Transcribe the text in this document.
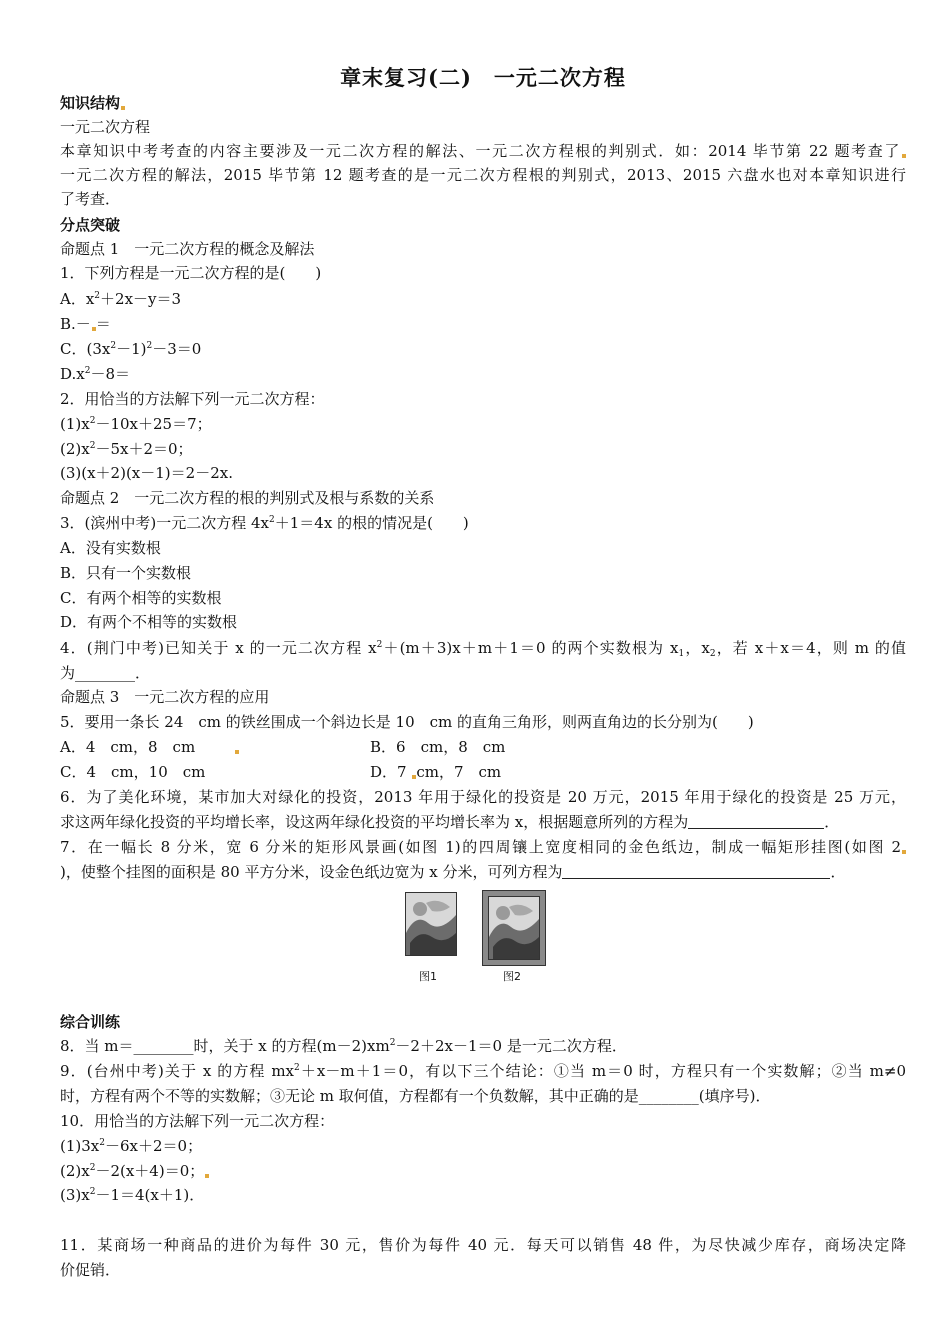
章末复习(二)　一元二次方程
知识结构
一元二次方程
本章知识中考考查的内容主要涉及一元二次方程的解法、一元二次方程根的判别式．如：2014 毕节第 22 题考查了
一元二次方程的解法，2015 毕节第 12 题考查的是一元二次方程根的判别式，2013、2015 六盘水也对本章知识进行
了考查．
分点突破
命题点 1　一元二次方程的概念及解法
1．下列方程是一元二次方程的是(　　)
A．$x^2+2x-y=3$
B.－ ＝
C．$(3x^2-1)^2-3=0$
$D.x^2-8=$
2．用恰当的方法解下列一元二次方程：
$(1)x^2-10x+25=7$；
$(2)x^2-5x+2=0$；
(3)(x＋2)(x－1)＝2－2x.
命题点 2　一元二次方程的根的判别式及根与系数的关系
3．(滨州中考)一元二次方程 $4x^2+1=4x$ 的根的情况是(　　)
A．没有实数根
B．只有一个实数根
C．有两个相等的实数根
D．有两个不相等的实数根
4．(荆门中考)已知关于 x 的一元二次方程 $x^2+(m+3)x+m+1=0$ 的两个实数根为 $x_1$，$x_2$，若 x＋x＝4，则 m 的值
为________．
命题点 3　一元二次方程的应用
5．要用一条长 24　cm 的铁丝围成一个斜边长是 10　cm 的直角三角形，则两直角边的长分别为(　　)
A．4　cm，8　cm	B．6　cm，8　cm
C．4　cm，10　cm	D．7 cm，7　cm
6．为了美化环境，某市加大对绿化的投资，2013 年用于绿化的投资是 20 万元，2015 年用于绿化的投资是 25 万元，
求这两年绿化投资的平均增长率，设这两年绿化投资的平均增长率为 x，根据题意所列的方程为	．
7．在一幅长 8 分米，宽 6 分米的矩形风景画(如图 1)的四周镶上宽度相同的金色纸边，制成一幅矩形挂图(如图 2
)，使整个挂图的面积是 80 平方分米，设金色纸边宽为 x 分米，可列方程为	．
图1	图2
综合训练
8．当 m＝________时，关于 x 的方程$(m-2)xm^2-2+2x-1=0$ 是一元二次方程．
9．(台州中考)关于 x 的方程 $mx^2+x-m+1=0$，有以下三个结论：①当 m＝0 时，方程只有一个实数解；②当 m≠0
时，方程有两个不等的实数解；③无论 m 取何值，方程都有一个负数解，其中正确的是________(填序号)．
10．用恰当的方法解下列一元二次方程：
$(1)3x^2-6x+2=0$；
$(2)x^2-2(x+4)=0$；
$(3)x^2-1=4(x+1)$．
11．某商场一种商品的进价为每件 30 元，售价为每件 40 元．每天可以销售 48 件，为尽快减少库存，商场决定降
价促销．
